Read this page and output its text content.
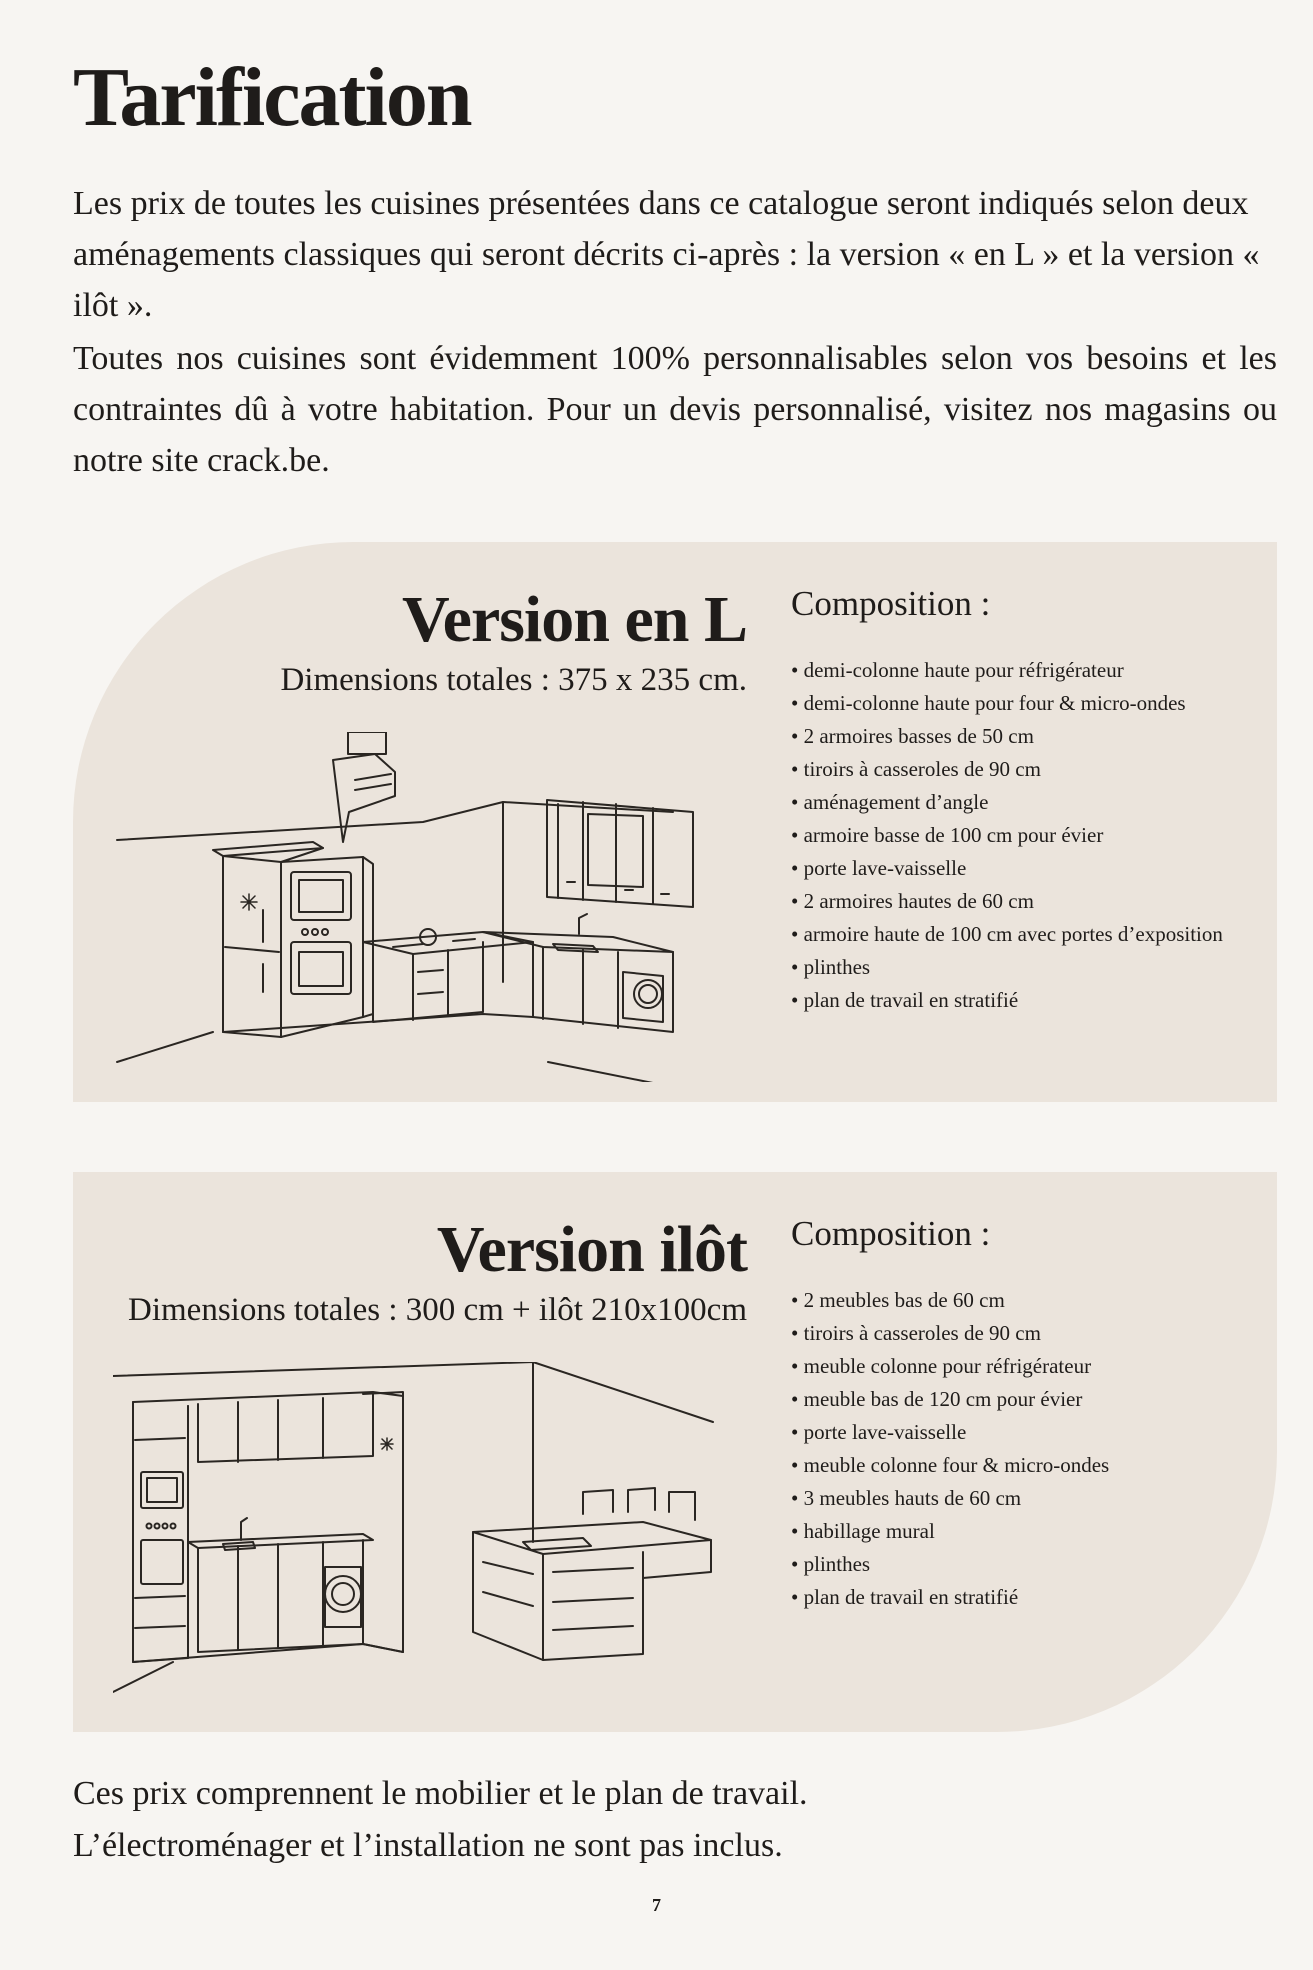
Tarification

Les prix de toutes les cuisines présentées dans ce catalogue seront indiqués selon deux aménagements classiques qui seront décrits ci-après : la version « en L » et la version « ilôt ».

Toutes nos cuisines sont évidemment 100% personnalisables selon vos besoins et les contraintes dû à votre habitation. Pour un devis personnalisé, visitez nos magasins ou notre site crack.be.

Version en L

Dimensions totales : 375 x 235 cm.

Composition :
• demi-colonne haute pour réfrigérateur
• demi-colonne haute pour four & micro-ondes
• 2 armoires basses de 50 cm
• tiroirs à casseroles de 90 cm
• aménagement d’angle
• armoire basse de 100 cm pour évier
• porte lave-vaisselle
• 2 armoires hautes de 60 cm
• armoire haute de 100 cm avec portes d’exposition
• plinthes
• plan de travail en stratifié
Version ilôt

Dimensions totales : 300 cm + ilôt 210x100cm

Composition :
• 2 meubles bas de 60 cm
• tiroirs à casseroles de 90 cm
• meuble colonne pour réfrigérateur
• meuble bas de 120 cm pour évier
• porte lave-vaisselle
• meuble colonne four & micro-ondes
• 3 meubles hauts de 60 cm
• habillage mural
• plinthes
• plan de travail en stratifié

Ces prix comprennent le mobilier et le plan de travail.
L’électroménager et l’installation ne sont pas inclus.

7
